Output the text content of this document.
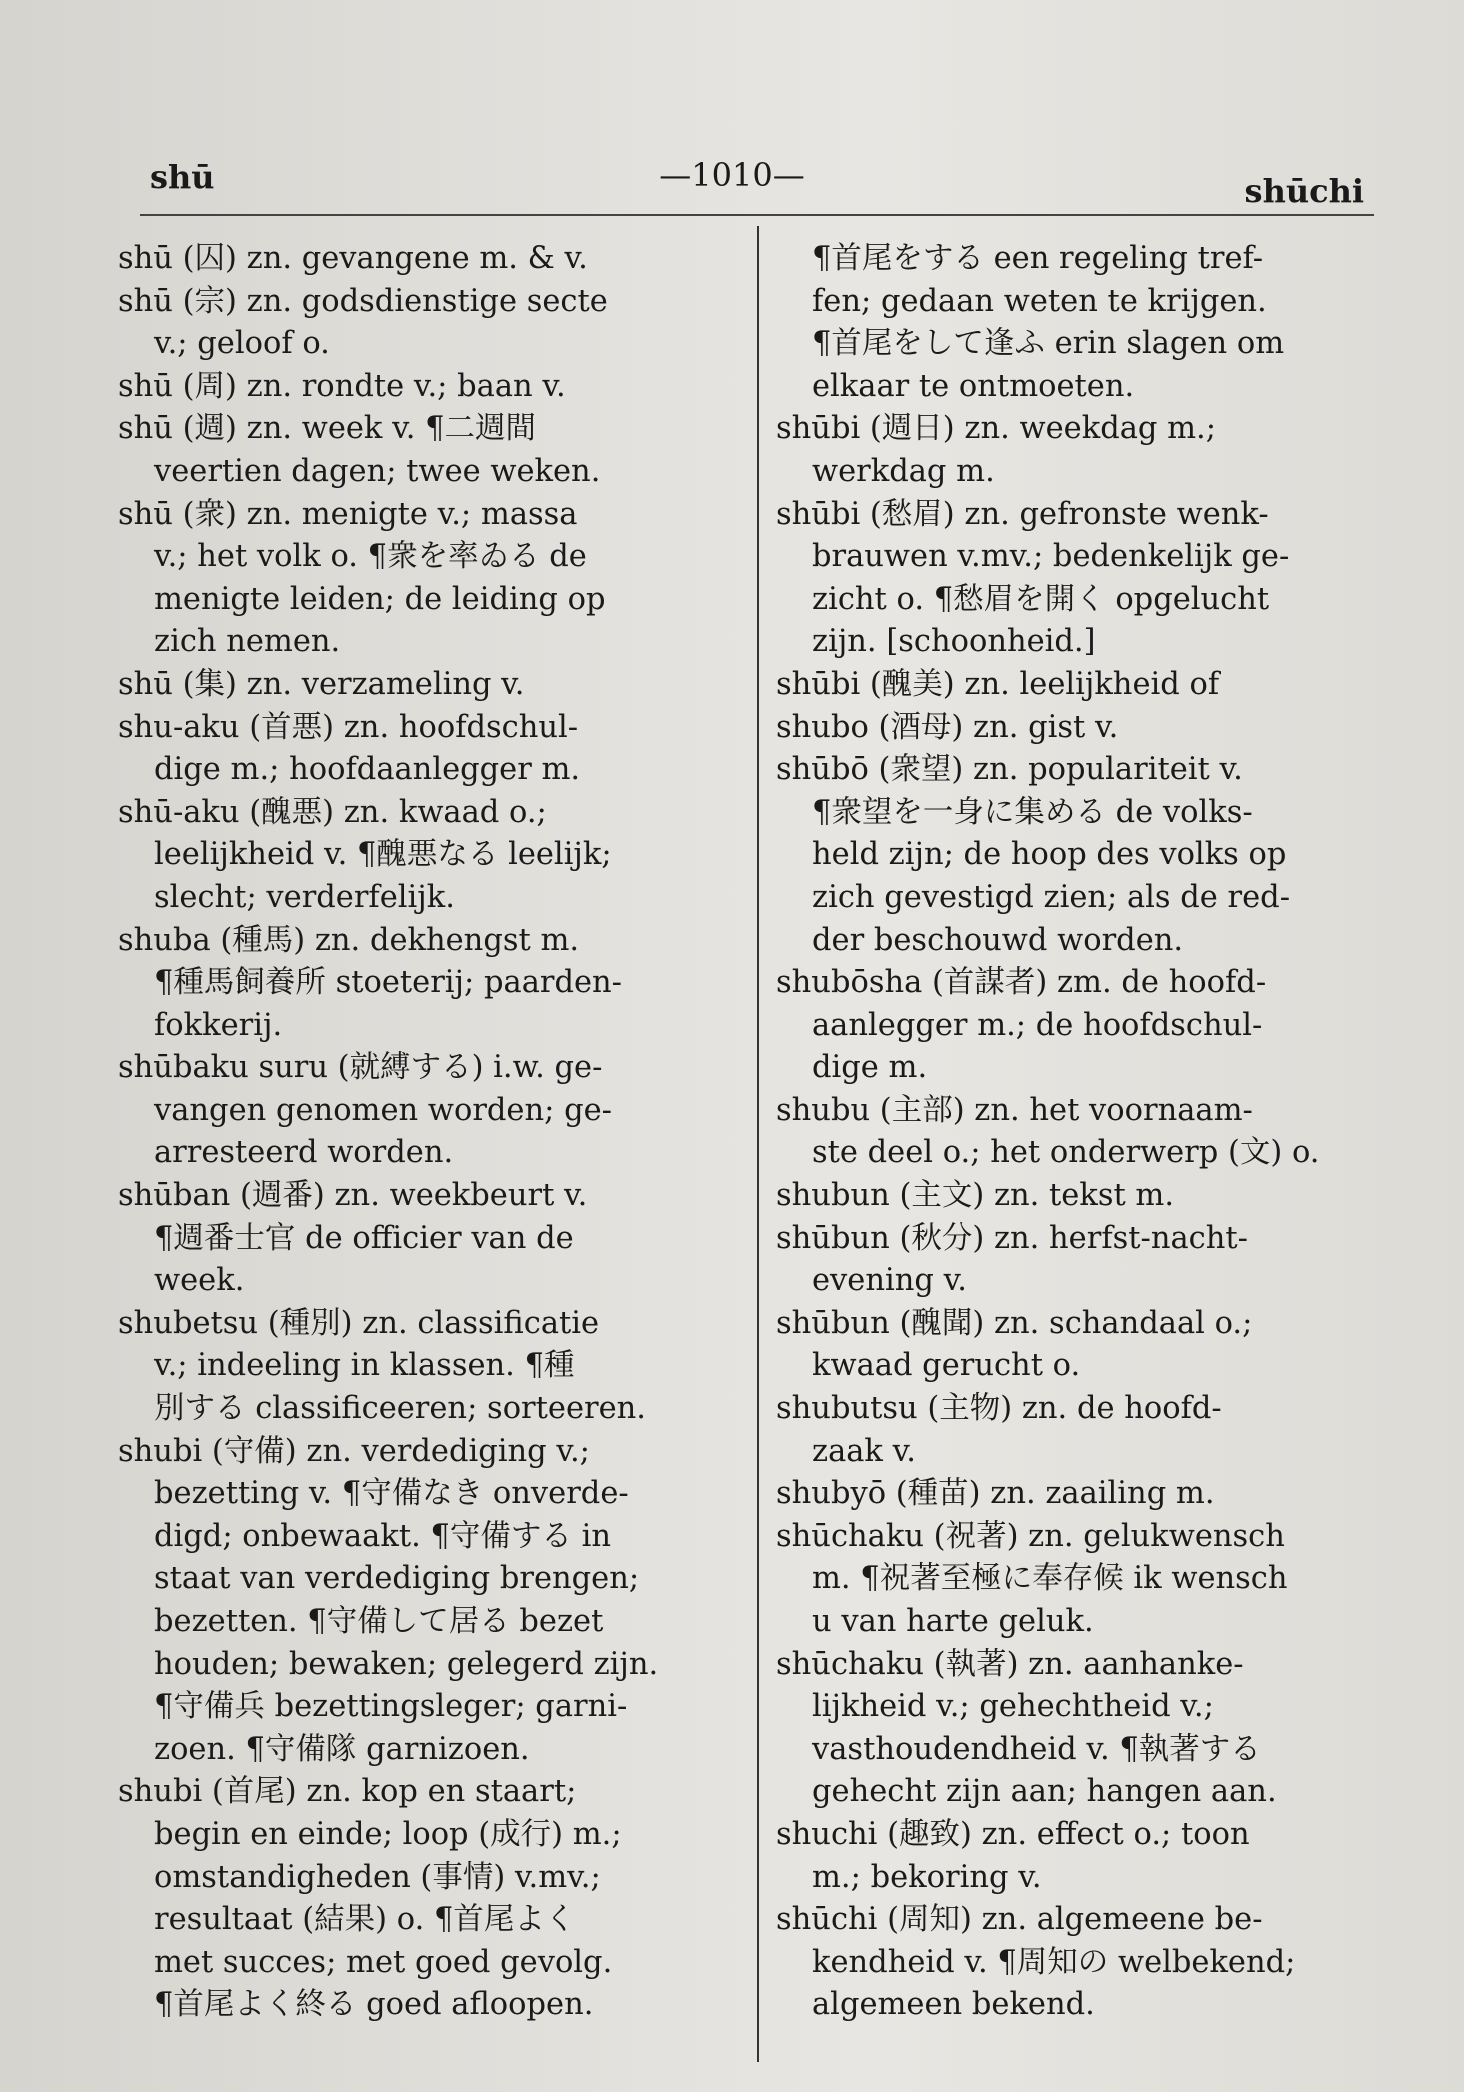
shū	—1010—	shūchi
shū (囚) zn. gevangene m. & v.
shū (宗) zn. godsdienstige secte
v.; geloof o.
shū (周) zn. rondte v.; baan v.
shū (週) zn. week v. ¶二週間
veertien dagen; twee weken.
shū (衆) zn. menigte v.; massa
v.; het volk o. ¶衆を率ゐる de
menigte leiden; de leiding op
zich nemen.
shū (集) zn. verzameling v.
shu-aku (首悪) zn. hoofdschul-
dige m.; hoofdaanlegger m.
shū-aku (醜悪) zn. kwaad o.;
leelijkheid v. ¶醜悪なる leelijk;
slecht; verderfelijk.
shuba (種馬) zn. dekhengst m.
¶種馬飼養所 stoeterij; paarden-
fokkerij.
shūbaku suru (就縛する) i.w. ge-
vangen genomen worden; ge-
arresteerd worden.
shūban (週番) zn. weekbeurt v.
¶週番士官 de officier van de
week.
shubetsu (種別) zn. classificatie
v.; indeeling in klassen. ¶種
別する classificeeren; sorteeren.
shubi (守備) zn. verdediging v.;
bezetting v. ¶守備なき onverde-
digd; onbewaakt. ¶守備する in
staat van verdediging brengen;
bezetten. ¶守備して居る bezet
houden; bewaken; gelegerd zijn.
¶守備兵 bezettingsleger; garni-
zoen. ¶守備隊 garnizoen.
shubi (首尾) zn. kop en staart;
begin en einde; loop (成行) m.;
omstandigheden (事情) v.mv.;
resultaat (結果) o. ¶首尾よく
met succes; met goed gevolg.
¶首尾よく終る goed afloopen.
¶首尾をする een regeling tref-
fen; gedaan weten te krijgen.
¶首尾をして逢ふ erin slagen om
elkaar te ontmoeten.
shūbi (週日) zn. weekdag m.;
werkdag m.
shūbi (愁眉) zn. gefronste wenk-
brauwen v.mv.; bedenkelijk ge-
zicht o. ¶愁眉を開く opgelucht
zijn. [schoonheid.]
shūbi (醜美) zn. leelijkheid of
shubo (酒母) zn. gist v.
shūbō (衆望) zn. populariteit v.
¶衆望を一身に集める de volks-
held zijn; de hoop des volks op
zich gevestigd zien; als de red-
der beschouwd worden.
shubōsha (首謀者) zm. de hoofd-
aanlegger m.; de hoofdschul-
dige m.
shubu (主部) zn. het voornaam-
ste deel o.; het onderwerp (文) o.
shubun (主文) zn. tekst m.
shūbun (秋分) zn. herfst-nacht-
evening v.
shūbun (醜聞) zn. schandaal o.;
kwaad gerucht o.
shubutsu (主物) zn. de hoofd-
zaak v.
shubyō (種苗) zn. zaailing m.
shūchaku (祝著) zn. gelukwensch
m. ¶祝著至極に奉存候 ik wensch
u van harte geluk.
shūchaku (執著) zn. aanhanke-
lijkheid v.; gehechtheid v.;
vasthoudendheid v. ¶執著する
gehecht zijn aan; hangen aan.
shuchi (趣致) zn. effect o.; toon
m.; bekoring v.
shūchi (周知) zn. algemeene be-
kendheid v. ¶周知の welbekend;
algemeen bekend.
